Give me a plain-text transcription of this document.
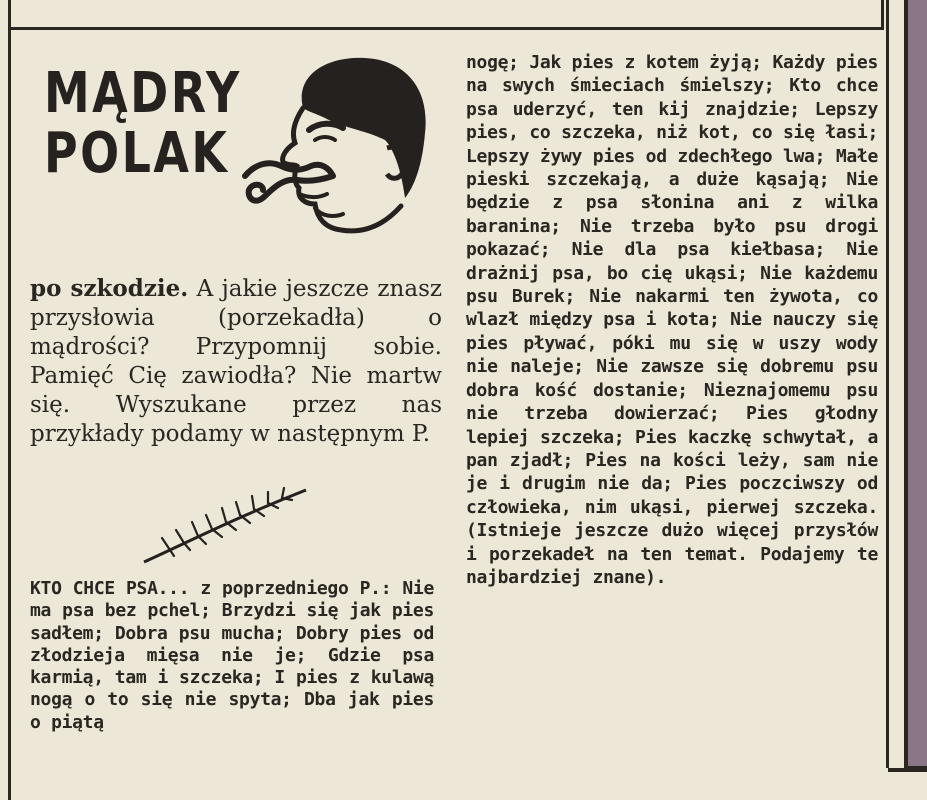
MĄDRY
POLAK

po szkodzie. A jakie jeszcze znasz przysłowia (porzekadła) o mądrości? Przypomnij sobie. Pamięć Cię zawiodła? Nie martw się. Wyszukane przez nas przykłady podamy w następnym P.

KTO CHCE PSA... z poprzedniego P.: Nie ma psa bez pchel; Brzydzi się jak pies sadłem; Dobra psu mucha; Dobry pies od złodzieja mięsa nie je; Gdzie psa karmią, tam i szczeka; I pies z kulawą nogą o to się nie spyta; Dba jak pies o piątą

nogę; Jak pies z kotem żyją; Każdy pies na swych śmieciach śmielszy; Kto chce psa uderzyć, ten kij znajdzie; Lepszy pies, co szczeka, niż kot, co się łasi; Lepszy żywy pies od zdechłego lwa; Małe pieski szczekają, a duże kąsają; Nie będzie z psa słonina ani z wilka baranina; Nie trzeba było psu drogi pokazać; Nie dla psa kiełbasa; Nie drażnij psa, bo cię ukąsi; Nie każdemu psu Burek; Nie nakarmi ten żywota, co wlazł między psa i kota; Nie nauczy się pies pływać, póki mu się w uszy wody nie naleje; Nie zawsze się dobremu psu dobra kość dostanie; Nieznajomemu psu nie trzeba dowierzać; Pies głodny lepiej szczeka; Pies kaczkę schwytał, a pan zjadł; Pies na kości leży, sam nie je i drugim nie da; Pies poczciwszy od człowieka, nim ukąsi, pierwej szczeka. (Istnieje jeszcze dużo więcej przysłów i porzekadeł na ten temat. Podajemy te najbardziej znane).
